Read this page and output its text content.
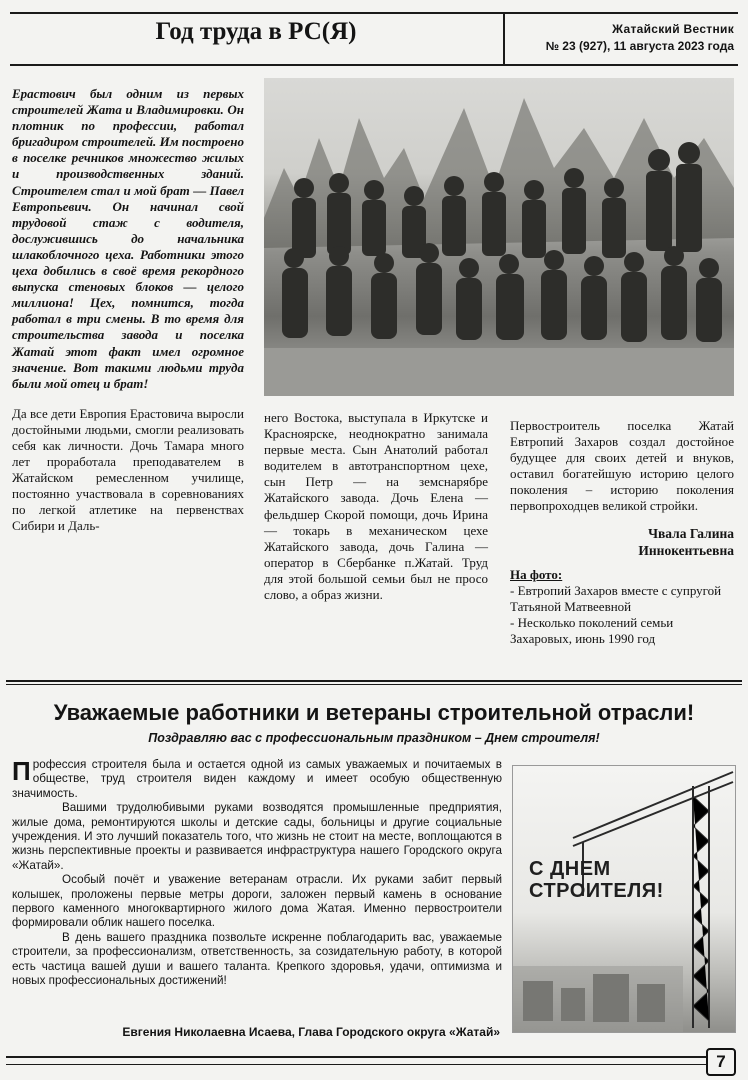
Год труда в РС(Я)	Жатайский Вестник
№ 23 (927), 11 августа 2023 года

Ерастович был одним из первых строителей Жата и Владимировки. Он плотник по профессии, работал бригадиром строителей. Им построено в поселке речников множество жилых и производственных зданий. Строителем стал и мой брат — Павел Евтропьевич. Он начинал свой трудовой стаж с водителя, дослужившись до начальника шлакоблочного цеха. Работники этого цеха добились в своё время рекордного выпуска стеновых блоков — целого миллиона! Цех, помнится, тогда работал в три смены. В то время для строительства завода и поселка Жатай этот факт имел огромное значение. Вот такими людьми труда были мой отец и брат!

Да все дети Европия Ерастовича выросли достойными людьми, смогли реализовать себя как личности. Дочь Тамара много лет проработала преподавателем в Жатайском ремесленном училище, постоянно участвовала в соревнованиях по легкой атлетике на первенствах Сибири и Даль-

него Востока, выступала в Иркутске и Красноярске, неоднократно занимала первые места. Сын Анатолий работал водителем в автотранспортном цехе, сын Петр — на земснарябре Жатайского завода. Дочь Елена — фельдшер Скорой помощи, дочь Ирина — токарь в механическом цехе Жатайского завода, дочь Галина — оператор в Сбербанке п.Жатай. Труд для этой большой семьи был не просо слово, а образ жизни.

Первостроитель поселка Жатай Евтропий Захаров создал достойное будущее для своих детей и внуков, оставил богатейшую историю целого поколения – историю поколения первопроходцев великой стройки.

Чвала Галина
Иннокентьевна
На фото:
- Евтропий Захаров вместе с супругой Татьяной Матвеевной
- Несколько поколений семьи Захаровых, июнь 1990 год
Уважаемые работники и ветераны строительной отрасли!
Поздравляю вас с профессиональным праздником – Днем строителя!

Профессия строителя была и остается одной из самых уважаемых и почитаемых в обществе, труд строителя виден каждому и имеет особую общественную значимость.

Вашими трудолюбивыми руками возводятся промышленные предприятия, жилые дома, ремонтируются школы и детские сады, больницы и другие социальные учреждения. И это лучший показатель того, что жизнь не стоит на месте, воплощаются в жизнь перспективные проекты и развивается инфраструктура нашего Городского округа «Жатай».

Особый почёт и уважение ветеранам отрасли. Их руками забит первый колышек, проложены первые метры дороги, заложен первый камень в основание первого каменного многоквартирного жилого дома Жатая. Именно первостроители формировали облик нашего поселка.

В день вашего праздника позвольте искренне поблагодарить вас, уважаемые строители, за профессионализм, ответственность, за созидательную работу, в которой есть частица вашей души и вашего таланта. Крепкого здоровья, удачи, оптимизма и новых профессиональных достижений!

Евгения Николаевна Исаева, Глава Городского округа «Жатай»
С ДНЕМ
СТРОИТЕЛЯ!
7
